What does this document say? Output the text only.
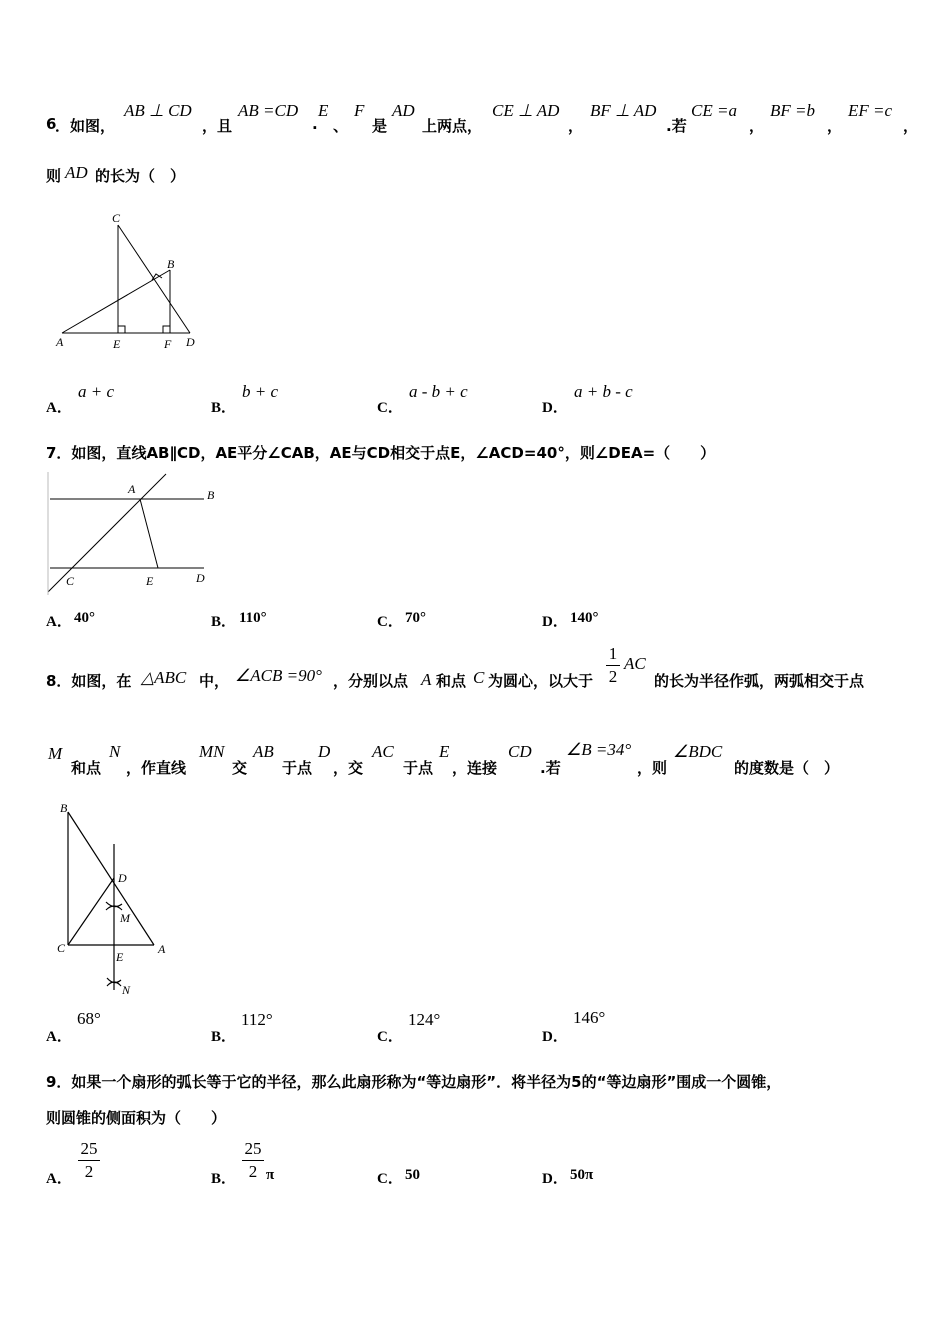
6
．如图，
AB ⊥ CD
，且
AB =CD
.
E
、
F
是
AD
上两点，
CE ⊥ AD
，
BF ⊥ AD
.若
CE =a
，
BF =b
，
EF =c
，
则 AD 的长为（　）
C
B
A	E	F D
A．
a + c
B．
b + c
C．
a - b + c
D．
a + b - c
7．如图，直线AB∥CD，AE平分∠CAB，AE与CD相交于点E，∠ACD=40°，则∠DEA=（　　）
A	B
C	E	D
A． 40°	B． 110°	C． 70°	D． 140°
8．如图，在 △ABC 中， ∠ACB =90° ，分别以点 A 和点 C 为圆心，以大于
1
2
AC
的长为半径作弧，两弧相交于点
M
和点
N
，作直线
MN
交
AB
于点
D
，交
AC
于点
E
，连接
CD
.若
∠B =34°
，则
∠BDC
的度数是（　）
B
D
M
C	A
E
N
A．
68°
B．
112°
C．
124°
D．
146°
9．如果一个扇形的弧长等于它的半径，那么此扇形称为“等边扇形”．将半径为5的“等边扇形”围成一个圆锥，
则圆锥的侧面积为（　　）
A．
25
2	B．
25
2 π	C． 50	D． 50π
